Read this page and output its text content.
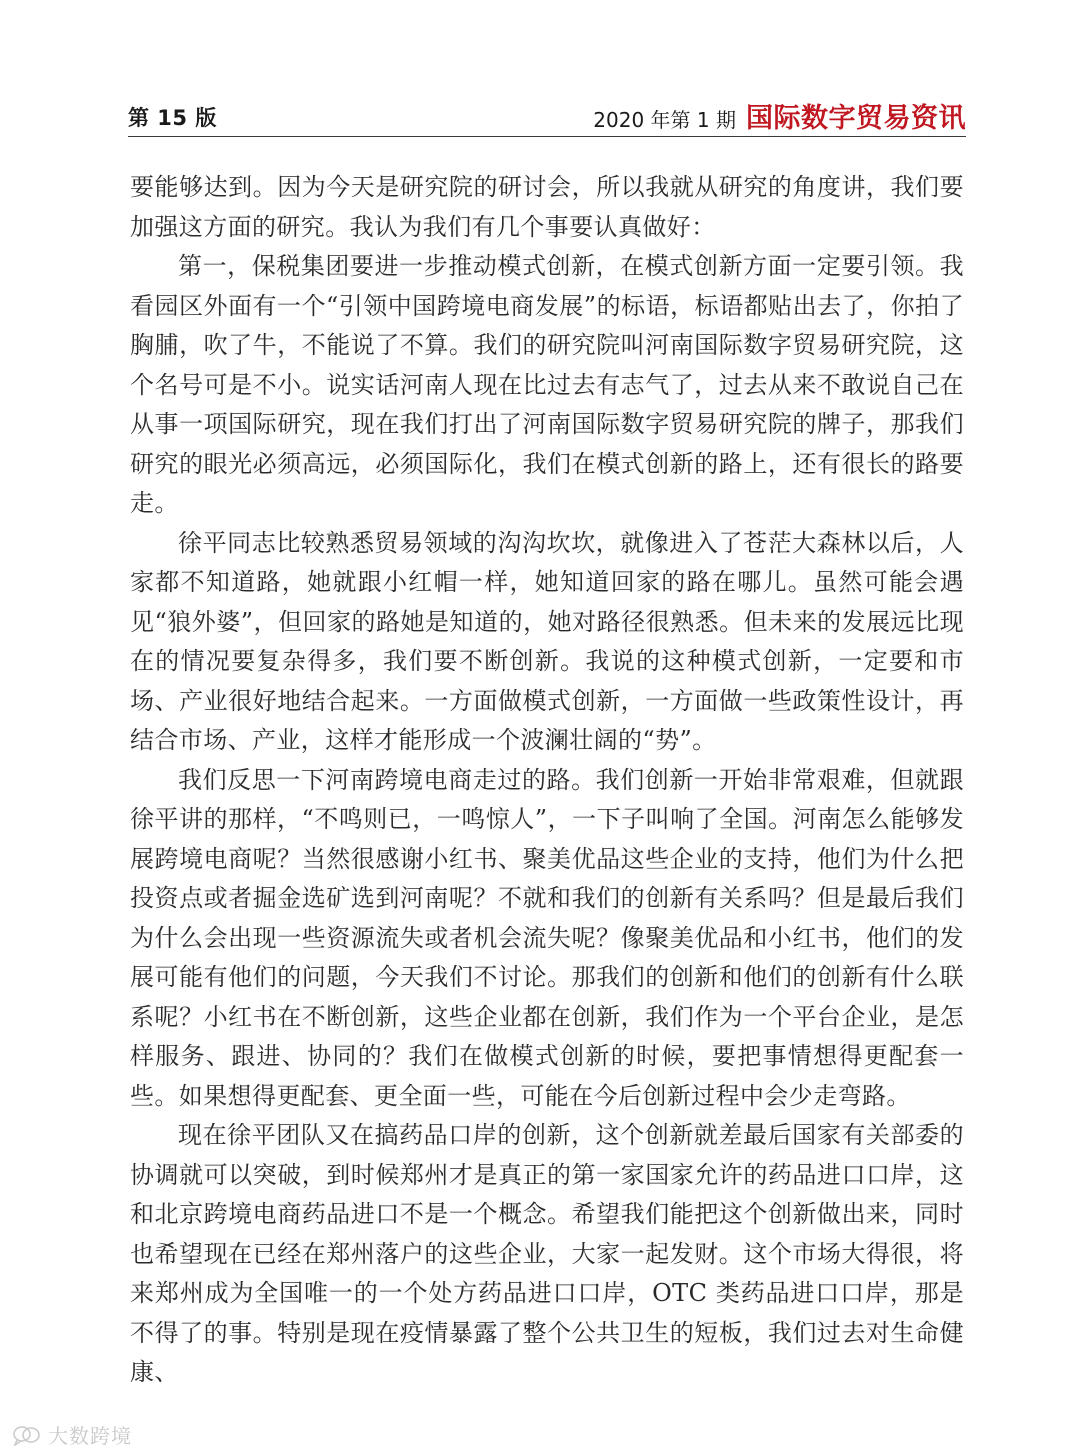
第 15 版	2020 年第 1 期 国际数字贸易资讯

要能够达到。因为今天是研究院的研讨会，所以我就从研究的角度讲，我们要加强这方面的研究。我认为我们有几个事要认真做好：

第一，保税集团要进一步推动模式创新，在模式创新方面一定要引领。我看园区外面有一个“引领中国跨境电商发展”的标语，标语都贴出去了，你拍了胸脯，吹了牛，不能说了不算。我们的研究院叫河南国际数字贸易研究院，这个名号可是不小。说实话河南人现在比过去有志气了，过去从来不敢说自己在从事一项国际研究，现在我们打出了河南国际数字贸易研究院的牌子，那我们研究的眼光必须高远，必须国际化，我们在模式创新的路上，还有很长的路要走。

徐平同志比较熟悉贸易领域的沟沟坎坎，就像进入了苍茫大森林以后，人家都不知道路，她就跟小红帽一样，她知道回家的路在哪儿。虽然可能会遇见“狼外婆”，但回家的路她是知道的，她对路径很熟悉。但未来的发展远比现在的情况要复杂得多，我们要不断创新。我说的这种模式创新，一定要和市场、产业很好地结合起来。一方面做模式创新，一方面做一些政策性设计，再结合市场、产业，这样才能形成一个波澜壮阔的“势”。

我们反思一下河南跨境电商走过的路。我们创新一开始非常艰难，但就跟徐平讲的那样，“不鸣则已，一鸣惊人”，一下子叫响了全国。河南怎么能够发展跨境电商呢？当然很感谢小红书、聚美优品这些企业的支持，他们为什么把投资点或者掘金选矿选到河南呢？不就和我们的创新有关系吗？但是最后我们为什么会出现一些资源流失或者机会流失呢？像聚美优品和小红书，他们的发展可能有他们的问题，今天我们不讨论。那我们的创新和他们的创新有什么联系呢？小红书在不断创新，这些企业都在创新，我们作为一个平台企业，是怎样服务、跟进、协同的？我们在做模式创新的时候，要把事情想得更配套一些。如果想得更配套、更全面一些，可能在今后创新过程中会少走弯路。

现在徐平团队又在搞药品口岸的创新，这个创新就差最后国家有关部委的协调就可以突破，到时候郑州才是真正的第一家国家允许的药品进口口岸，这和北京跨境电商药品进口不是一个概念。希望我们能把这个创新做出来，同时也希望现在已经在郑州落户的这些企业，大家一起发财。这个市场大得很，将来郑州成为全国唯一的一个处方药品进口口岸，OTC 类药品进口口岸，那是不得了的事。特别是现在疫情暴露了整个公共卫生的短板，我们过去对生命健康、

大数跨境
